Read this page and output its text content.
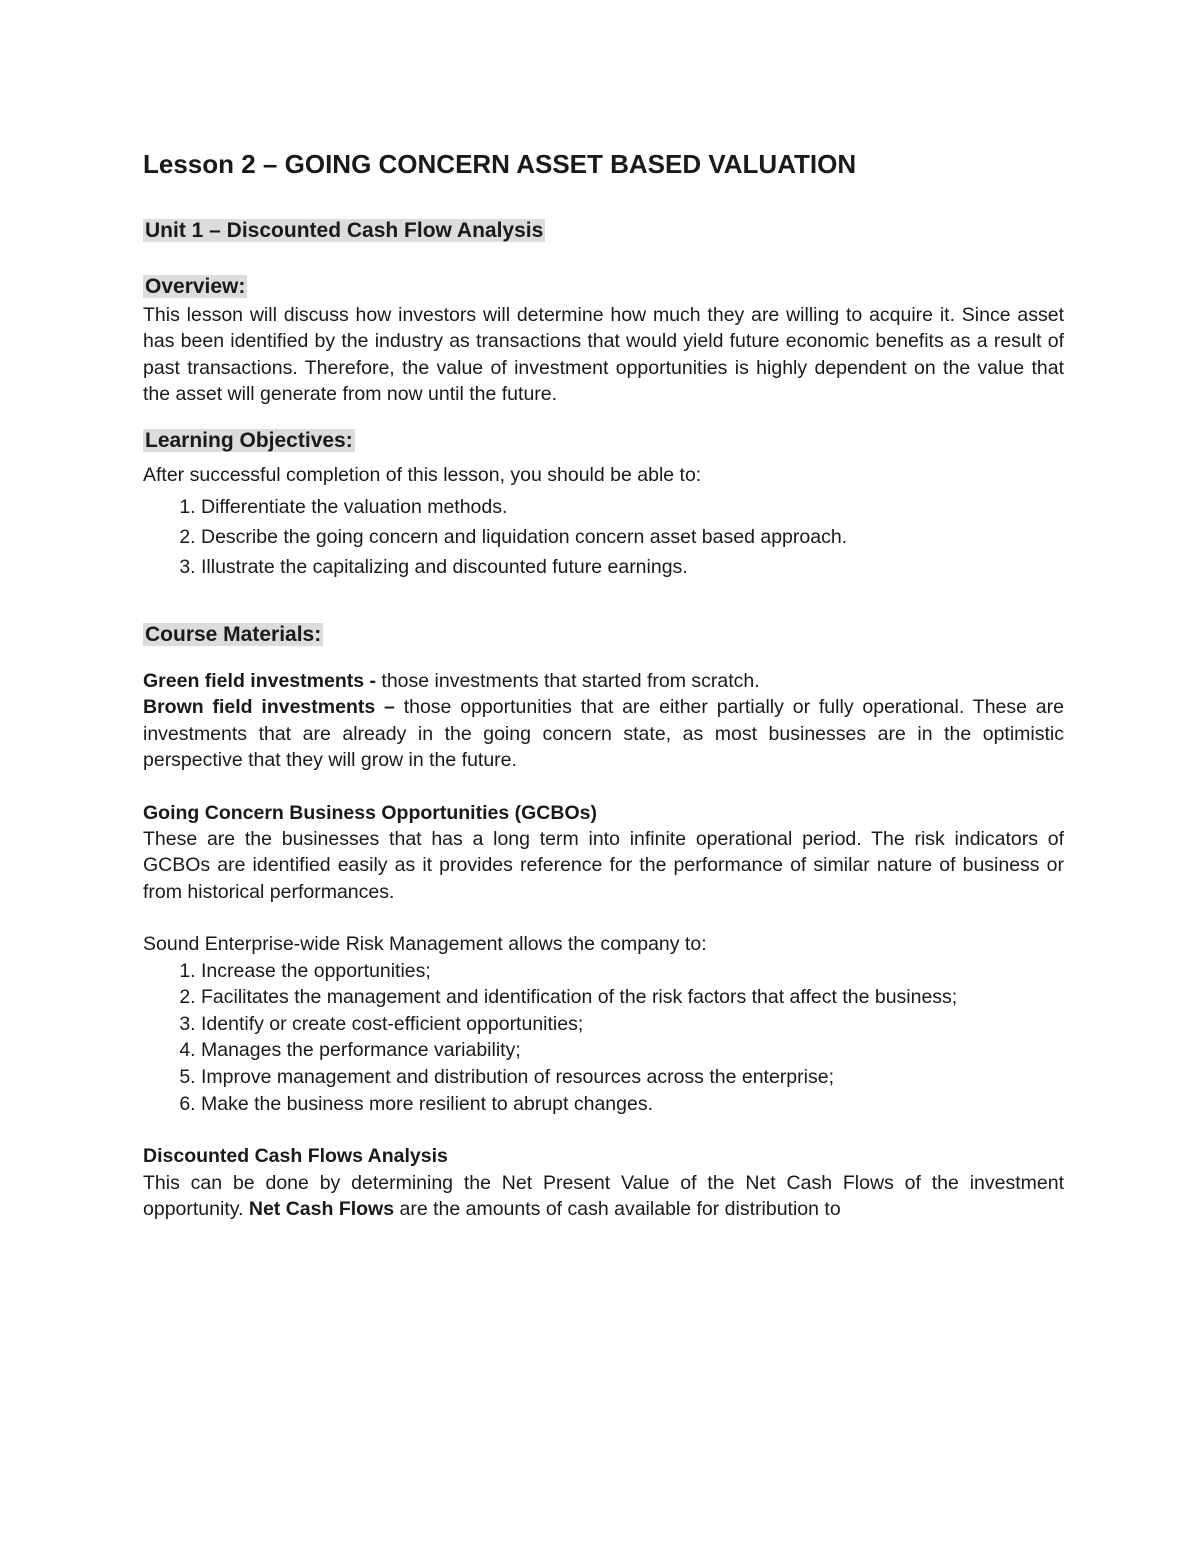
Lesson 2 – GOING CONCERN ASSET BASED VALUATION
Unit 1 – Discounted Cash Flow Analysis
Overview:

This lesson will discuss how investors will determine how much they are willing to acquire it. Since asset has been identified by the industry as transactions that would yield future economic benefits as a result of past transactions. Therefore, the value of investment opportunities is highly dependent on the value that the asset will generate from now until the future.

Learning Objectives:

After successful completion of this lesson, you should be able to:

1. Differentiate the valuation methods.
2. Describe the going concern and liquidation concern asset based approach.
3. Illustrate the capitalizing and discounted future earnings.
Course Materials:

Green field investments - those investments that started from scratch.

Brown field investments – those opportunities that are either partially or fully operational. These are investments that are already in the going concern state, as most businesses are in the optimistic perspective that they will grow in the future.

Going Concern Business Opportunities (GCBOs)

These are the businesses that has a long term into infinite operational period. The risk indicators of GCBOs are identified easily as it provides reference for the performance of similar nature of business or from historical performances.

Sound Enterprise-wide Risk Management allows the company to:

1. Increase the opportunities;
2. Facilitates the management and identification of the risk factors that affect the business;
3. Identify or create cost-efficient opportunities;
4. Manages the performance variability;
5. Improve management and distribution of resources across the enterprise;
6. Make the business more resilient to abrupt changes.

Discounted Cash Flows Analysis

This can be done by determining the Net Present Value of the Net Cash Flows of the investment opportunity. Net Cash Flows are the amounts of cash available for distribution to
